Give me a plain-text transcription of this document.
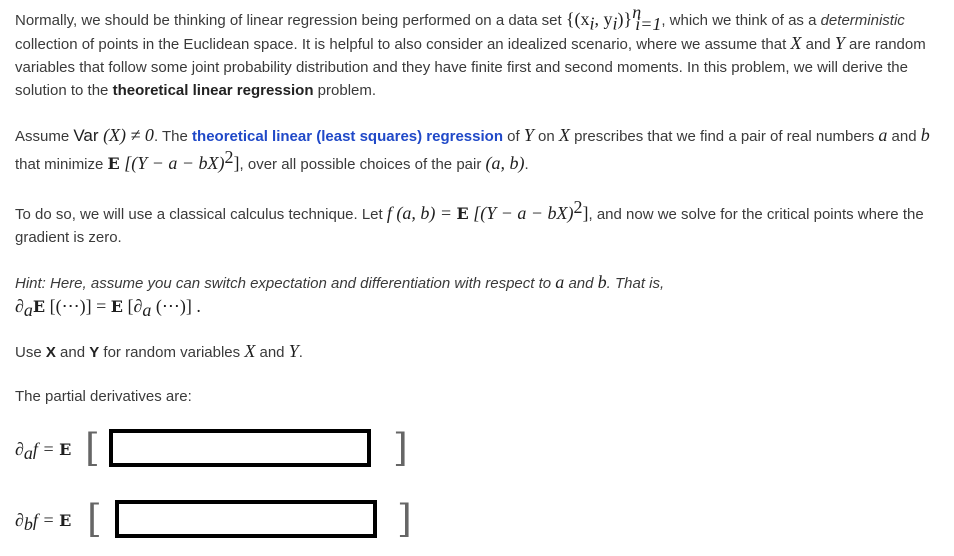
Normally, we should be thinking of linear regression being performed on a data set {($x_i$, $y_i)\}^n_{i=1}$, which we think of as a deterministic collection of points in the Euclidean space. It is helpful to also consider an idealized scenario, where we assume that X and Y are random variables that follow some joint probability distribution and they have finite first and second moments. In this problem, we will derive the solution to the theoretical linear regression problem.
Assume Var (X) ≠ 0. The theoretical linear (least squares) regression of Y on X prescribes that we find a pair of real numbers a and b that minimize E [(Y − a − bX)$^2$], over all possible choices of the pair (a, b).
To do so, we will use a classical calculus technique. Let f (a, b) = E [(Y − a − bX)$^2$], and now we solve for the critical points where the gradient is zero.
Hint: Here, assume you can switch expectation and differentiation with respect to a and b. That is,
$\partial_aE$ [(⋯)] = E [$\partial_a$ (⋯)] .
Use X and Y for random variables X and Y.
The partial derivatives are:
$\partial_af = E$ [	]
$\partial_bf = E$ [	]
